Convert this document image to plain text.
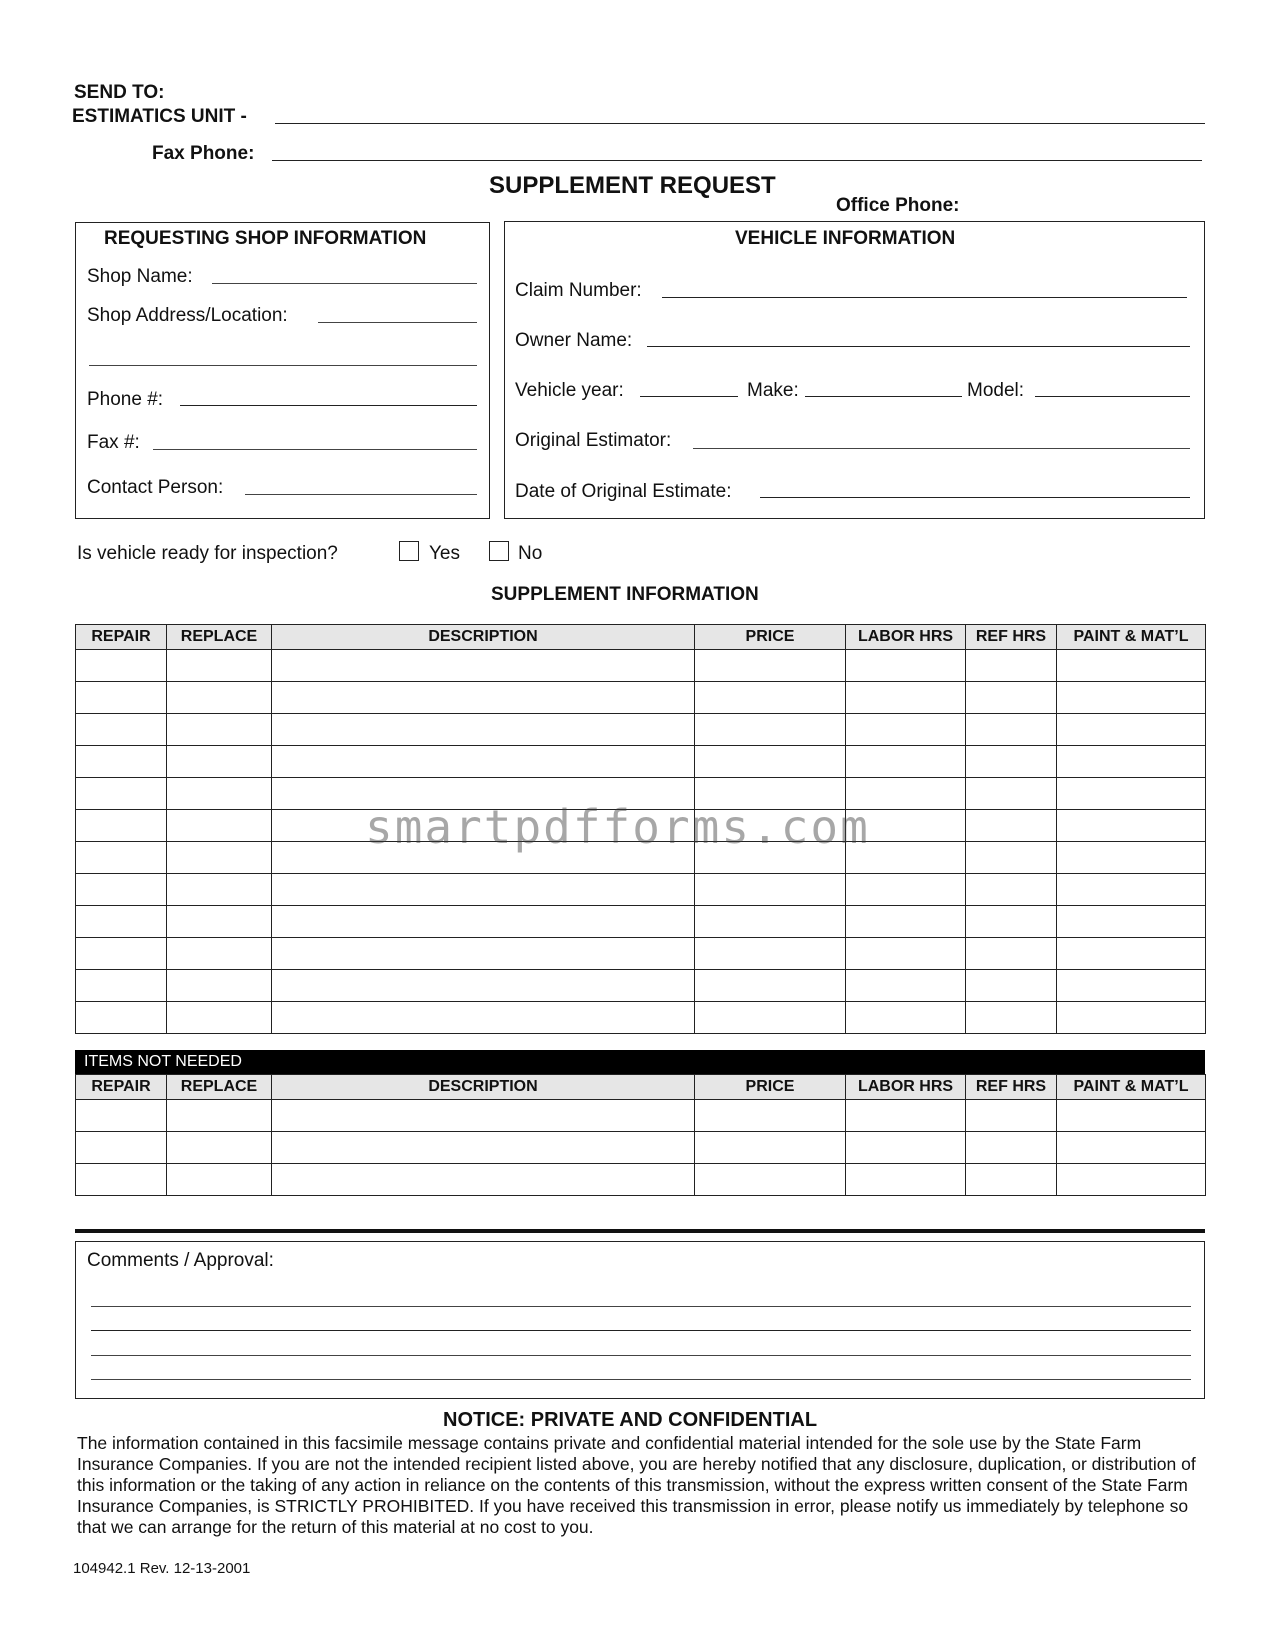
SEND TO:
ESTIMATICS UNIT -
Fax Phone:
SUPPLEMENT REQUEST
Office Phone:
REQUESTING SHOP INFORMATION
Shop Name:
Shop Address/Location:
Phone #:
Fax #:
Contact Person:
VEHICLE INFORMATION
Claim Number:
Owner Name:
Vehicle year:	Make:	Model:
Original Estimator:
Date of Original Estimate:
Is vehicle ready for inspection?	Yes	No
SUPPLEMENT INFORMATION
REPAIR	REPLACE	DESCRIPTION	PRICE	LABOR HRS	REF HRS	PAINT & MAT’L

smartpdfforms.com
ITEMS NOT NEEDED
REPAIR	REPLACE	DESCRIPTION	PRICE	LABOR HRS	REF HRS	PAINT & MAT’L

Comments / Approval:
NOTICE: PRIVATE AND CONFIDENTIAL
The information contained in this facsimile message contains private and confidential material intended for the sole use by the State Farm Insurance Companies. If you are not the intended recipient listed above, you are hereby notified that any disclosure, duplication, or distribution of this information or the taking of any action in reliance on the contents of this transmission, without the express written consent of the State Farm Insurance Companies, is STRICTLY PROHIBITED. If you have received this transmission in error, please notify us immediately by telephone so that we can arrange for the return of this material at no cost to you.
104942.1 Rev. 12-13-2001
